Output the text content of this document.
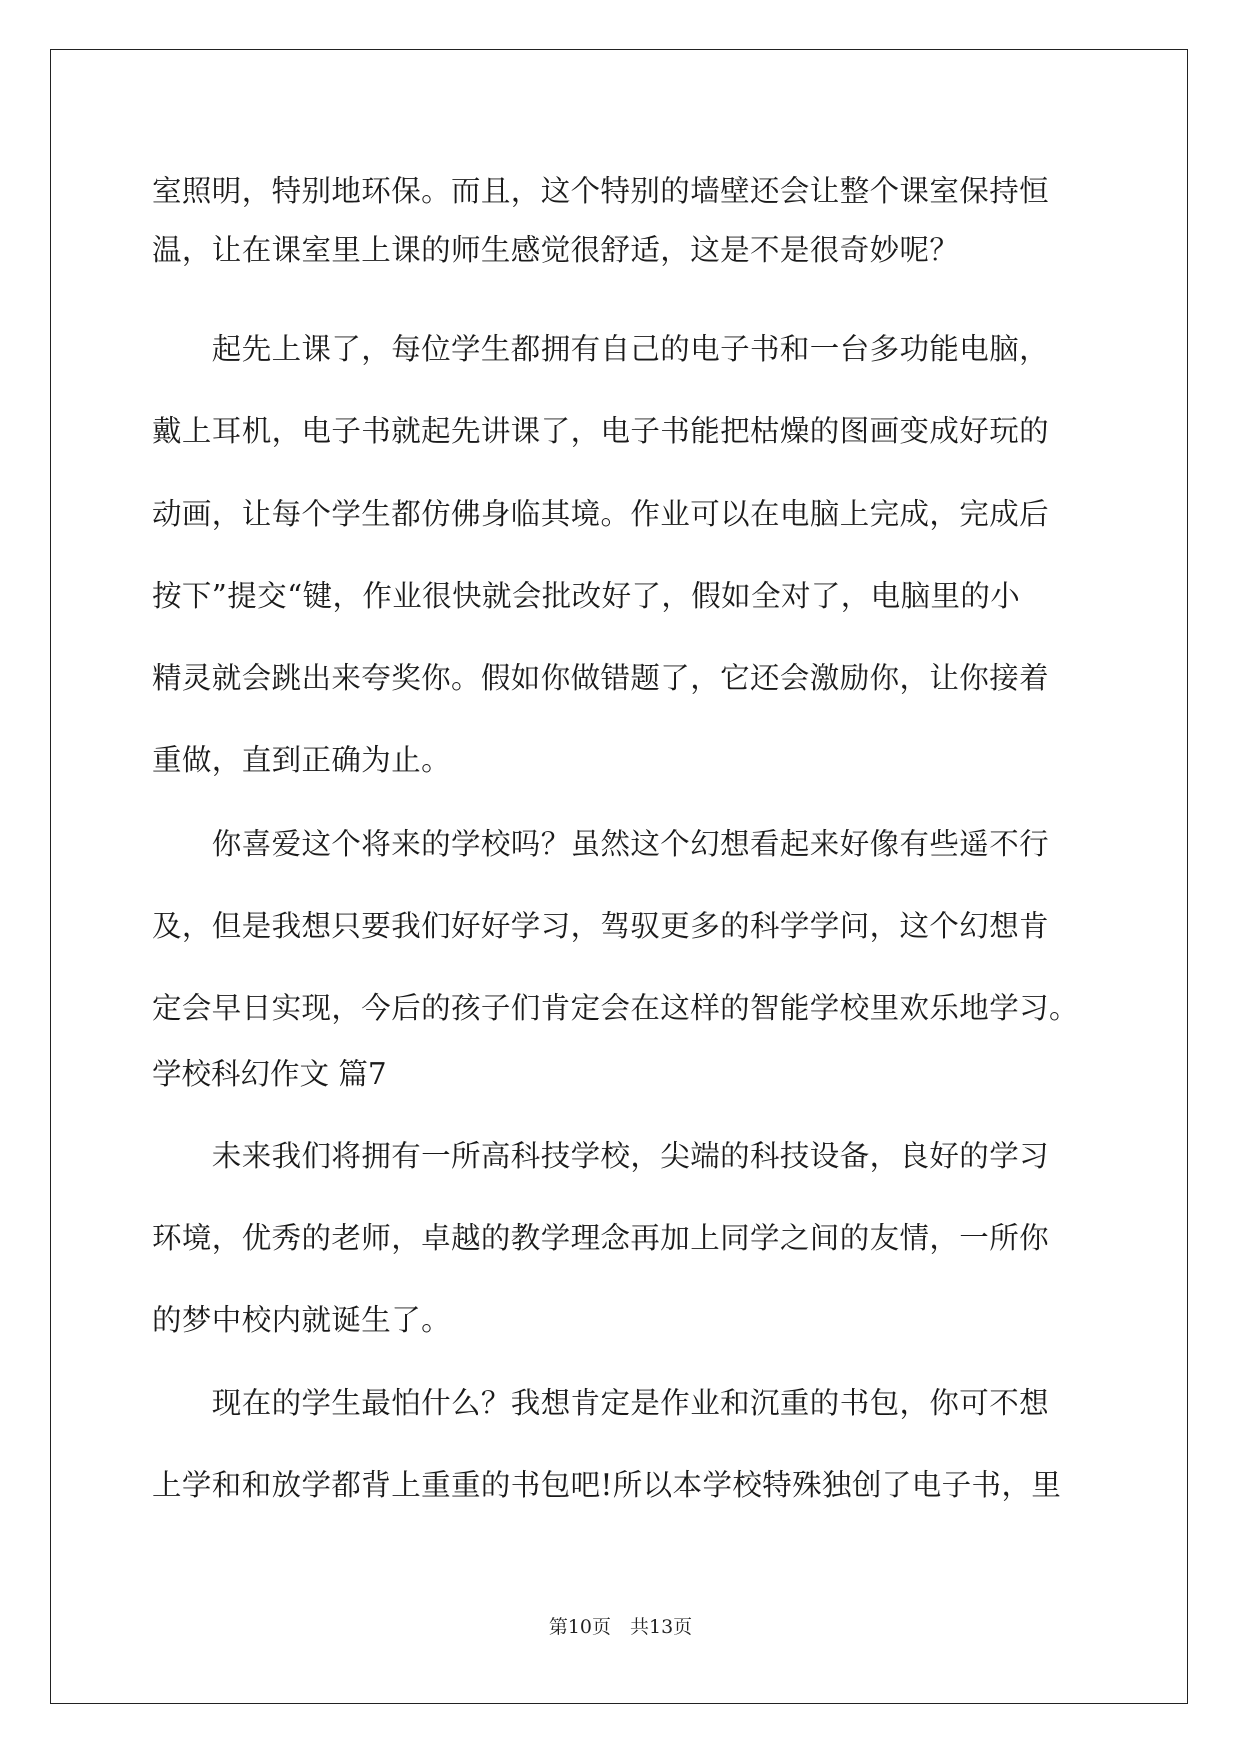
室照明，特别地环保。而且，这个特别的墙壁还会让整个课室保持恒
温，让在课室里上课的师生感觉很舒适，这是不是很奇妙呢？
　　起先上课了，每位学生都拥有自己的电子书和一台多功能电脑，
戴上耳机，电子书就起先讲课了，电子书能把枯燥的图画变成好玩的
动画，让每个学生都仿佛身临其境。作业可以在电脑上完成，完成后
按下”提交“键，作业很快就会批改好了，假如全对了，电脑里的小
精灵就会跳出来夸奖你。假如你做错题了，它还会激励你，让你接着
重做，直到正确为止。
　　你喜爱这个将来的学校吗？虽然这个幻想看起来好像有些遥不行
及，但是我想只要我们好好学习，驾驭更多的科学学问，这个幻想肯
定会早日实现，今后的孩子们肯定会在这样的智能学校里欢乐地学习。
学校科幻作文 篇7
　　未来我们将拥有一所高科技学校，尖端的科技设备，良好的学习
环境，优秀的老师，卓越的教学理念再加上同学之间的友情，一所你
的梦中校内就诞生了。
　　现在的学生最怕什么？我想肯定是作业和沉重的书包，你可不想
上学和和放学都背上重重的书包吧!所以本学校特殊独创了电子书，里
第10页　共13页
